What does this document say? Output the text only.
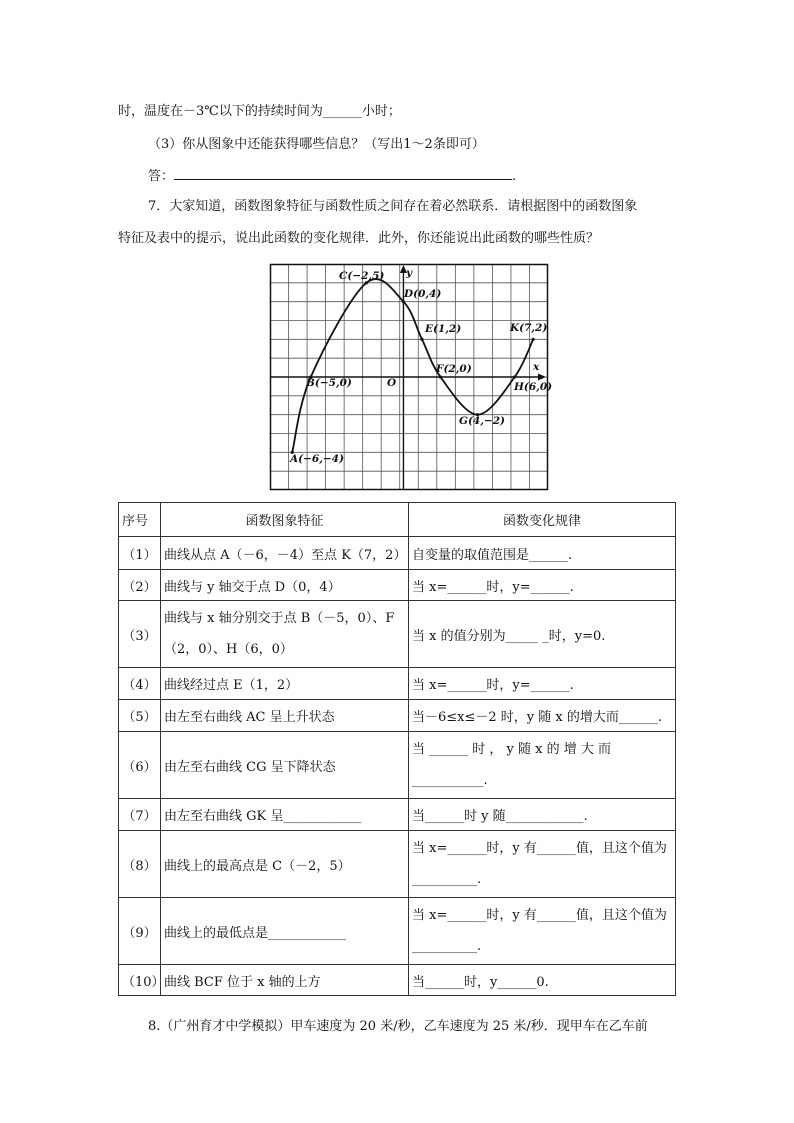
时，温度在－3℃以下的持续时间为______小时；
（3）你从图象中还能获得哪些信息？（写出1～2条即可）
答：	.
7．大家知道，函数图象特征与函数性质之间存在着必然联系．请根据图中的函数图象
特征及表中的提示，说出此函数的变化规律．此外，你还能说出此函数的哪些性质？
C(−2,5)
D(0,4)
E(1,2)	K(7,2)
F(2,0)
B(−5,0)	O	H(6,0)
G(4,−2)
A(−6,−4)
x
y
序号	函数图象特征	函数变化规律
（1）	曲线从点 A（－6，－4）至点 K（7，2）	自变量的取值范围是______.
（2）	曲线与 y 轴交于点 D（0，4）	当 x=______时，y=______.
（3）	曲线与 x 轴分别交于点 B（－5，0）、F（2，0）、H（6，0）	当 x 的值分别为_____ _时，y=0.
（4）	曲线经过点 E（1，2）	当 x=______时，y=______.
（5）	由左至右曲线 AC 呈上升状态	当－6≤x≤－2 时，y 随 x 的增大而______.
（6）	由左至右曲线 CG 呈下降状态	当 ______ 时 ， y 随 x 的 增 大 而 ___________.
（7）	由左至右曲线 GK 呈____________	当______时 y 随____________.
（8）	曲线上的最高点是 C（－2，5）	当 x=______时，y 有______值，且这个值为__________.
（9）	曲线上的最低点是____________	当 x=______时，y 有______值，且这个值为__________.
（10）	曲线 BCF 位于 x 轴的上方	当______时，y______0.
8.（广州育才中学模拟）甲车速度为 20 米/秒，乙车速度为 25 米/秒．现甲车在乙车前
